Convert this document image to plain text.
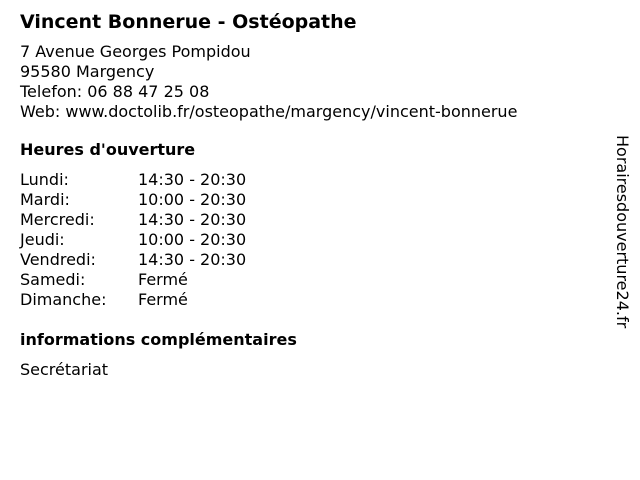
Vincent Bonnerue - Ostéopathe
7 Avenue Georges Pompidou
95580 Margency
Telefon: 06 88 47 25 08
Web: www.doctolib.fr/osteopathe/margency/vincent-bonnerue
Heures d'ouverture
Lundi:	14:30 - 20:30
Mardi:	10:00 - 20:30
Mercredi:	14:30 - 20:30
Jeudi:	10:00 - 20:30
Vendredi:	14:30 - 20:30
Samedi:	Fermé
Dimanche:	Fermé
informations complémentaires
Secrétariat
Horairesdouverture24.fr
